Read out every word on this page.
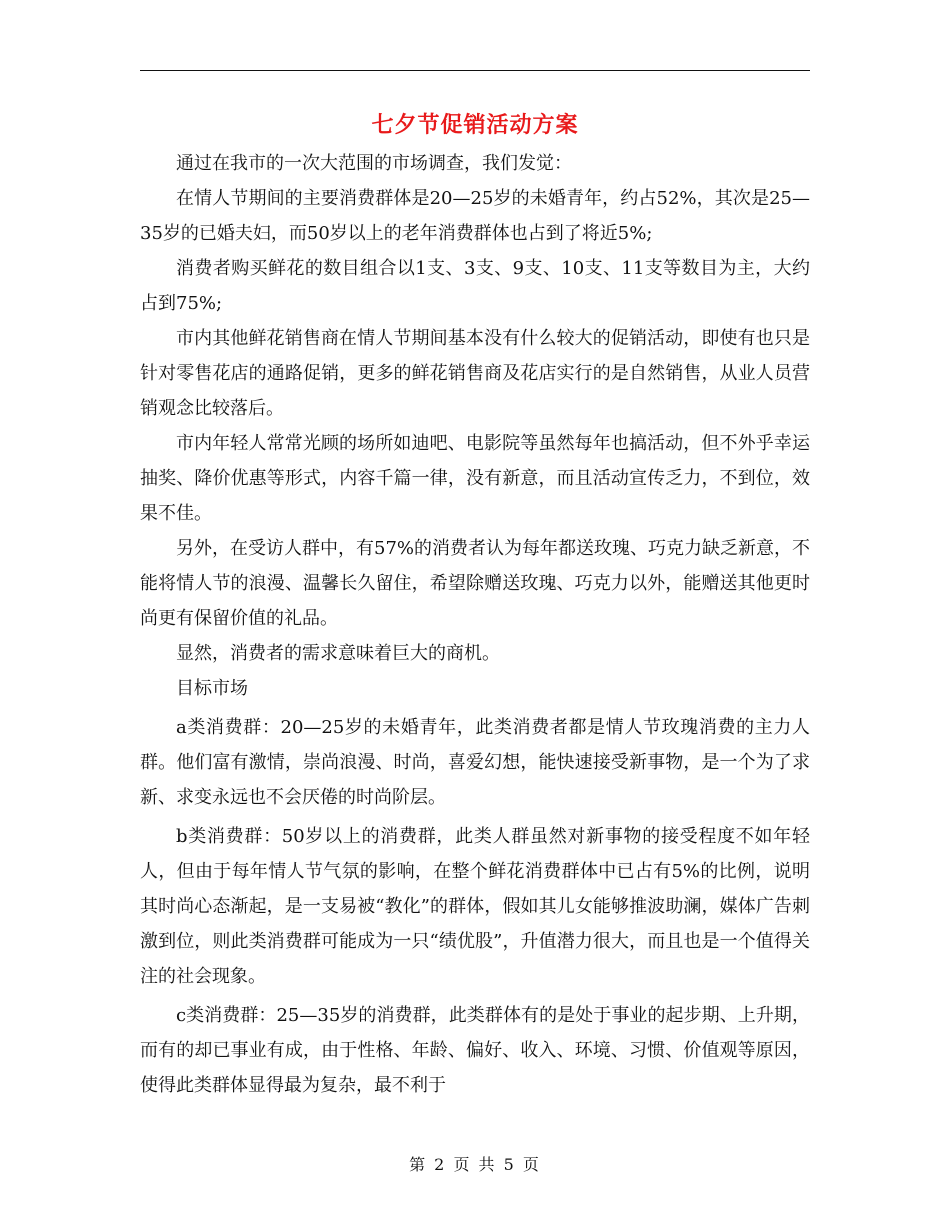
七夕节促销活动方案

通过在我市的一次大范围的市场调查，我们发觉：

在情人节期间的主要消费群体是20—25岁的未婚青年，约占52%，其次是25—35岁的已婚夫妇，而50岁以上的老年消费群体也占到了将近5%;

消费者购买鲜花的数目组合以1支、3支、9支、10支、11支等数目为主，大约占到75%;

市内其他鲜花销售商在情人节期间基本没有什么较大的促销活动，即使有也只是针对零售花店的通路促销，更多的鲜花销售商及花店实行的是自然销售，从业人员营销观念比较落后。

市内年轻人常常光顾的场所如迪吧、电影院等虽然每年也搞活动，但不外乎幸运抽奖、降价优惠等形式，内容千篇一律，没有新意，而且活动宣传乏力，不到位，效果不佳。

另外，在受访人群中，有57%的消费者认为每年都送玫瑰、巧克力缺乏新意，不能将情人节的浪漫、温馨长久留住，希望除赠送玫瑰、巧克力以外，能赠送其他更时尚更有保留价值的礼品。

显然，消费者的需求意味着巨大的商机。

目标市场

a类消费群：20—25岁的未婚青年，此类消费者都是情人节玫瑰消费的主力人群。他们富有激情，崇尚浪漫、时尚，喜爱幻想，能快速接受新事物，是一个为了求新、求变永远也不会厌倦的时尚阶层。

b类消费群：50岁以上的消费群，此类人群虽然对新事物的接受程度不如年轻人，但由于每年情人节气氛的影响，在整个鲜花消费群体中已占有5%的比例，说明其时尚心态渐起，是一支易被“教化”的群体，假如其儿女能够推波助澜，媒体广告刺激到位，则此类消费群可能成为一只“绩优股”，升值潜力很大，而且也是一个值得关注的社会现象。

c类消费群：25—35岁的消费群，此类群体有的是处于事业的起步期、上升期，而有的却已事业有成，由于性格、年龄、偏好、收入、环境、习惯、价值观等原因，使得此类群体显得最为复杂，最不利于

第 2 页 共 5 页
